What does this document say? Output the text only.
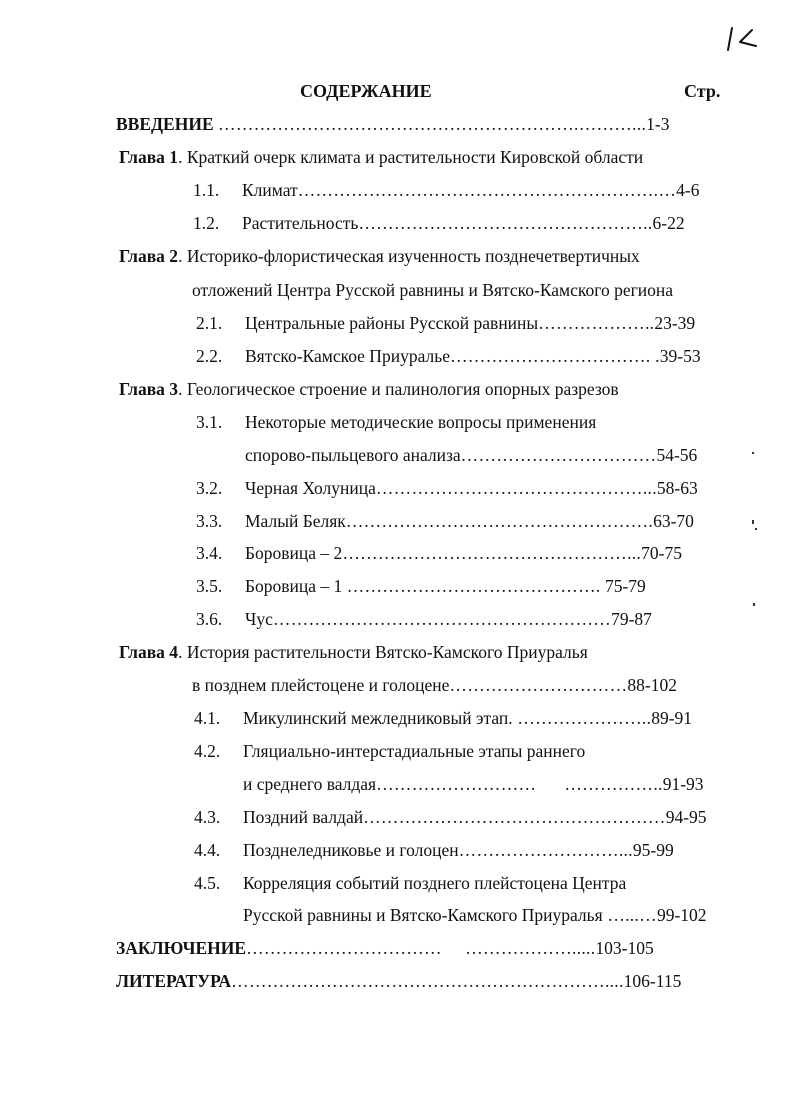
СОДЕРЖАНИЕ	Стр.
ВВЕДЕНИЕ …………………………………………………….………...1-3
Глава 1. Краткий очерк климата и растительности Кировской области
1.1. Климат…………………………………………………….…4-6
1.2. Растительность…………………………………………..6-22
Глава 2. Историко-флористическая изученность позднечетвертичных
отложений Центра Русской равнины и Вятско-Камского региона
2.1. Центральные районы Русской равнины………………..23-39
2.2. Вятско-Камское Приуралье……………………………. .39-53
Глава 3. Геологическое строение и палинология опорных разрезов
3.1. Некоторые методические вопросы применения
спорово-пыльцевого анализа……………………………54-56
3.2. Черная Холуница………………………………………...58-63
3.3. Малый Беляк…………………………………………….63-70
3.4. Боровица – 2…………………………………………...70-75
3.5. Боровица – 1 ……………………………………. 75-79
3.6. Чус…………………………………………………79-87
Глава 4. История растительности Вятско-Камского Приуралья
в позднем плейстоцене и голоцене…………………………88-102
4.1. Микулинский межледниковый этап. …………………..89-91
4.2. Гляциально-интерстадиальные этапы раннего
и среднего валдая………………………      ……………..91-93
4.3. Поздний валдай……………………………………………94-95
4.4. Позднеледниковье и голоцен………………………...95-99
4.5. Корреляция событий позднего плейстоцена Центра
Русской равнины и Вятско-Камского Приуралья …...…99-102
ЗАКЛЮЧЕНИЕ……………………………     ……………….....103-105
ЛИТЕРАТУРА………………………………………………………....106-115
